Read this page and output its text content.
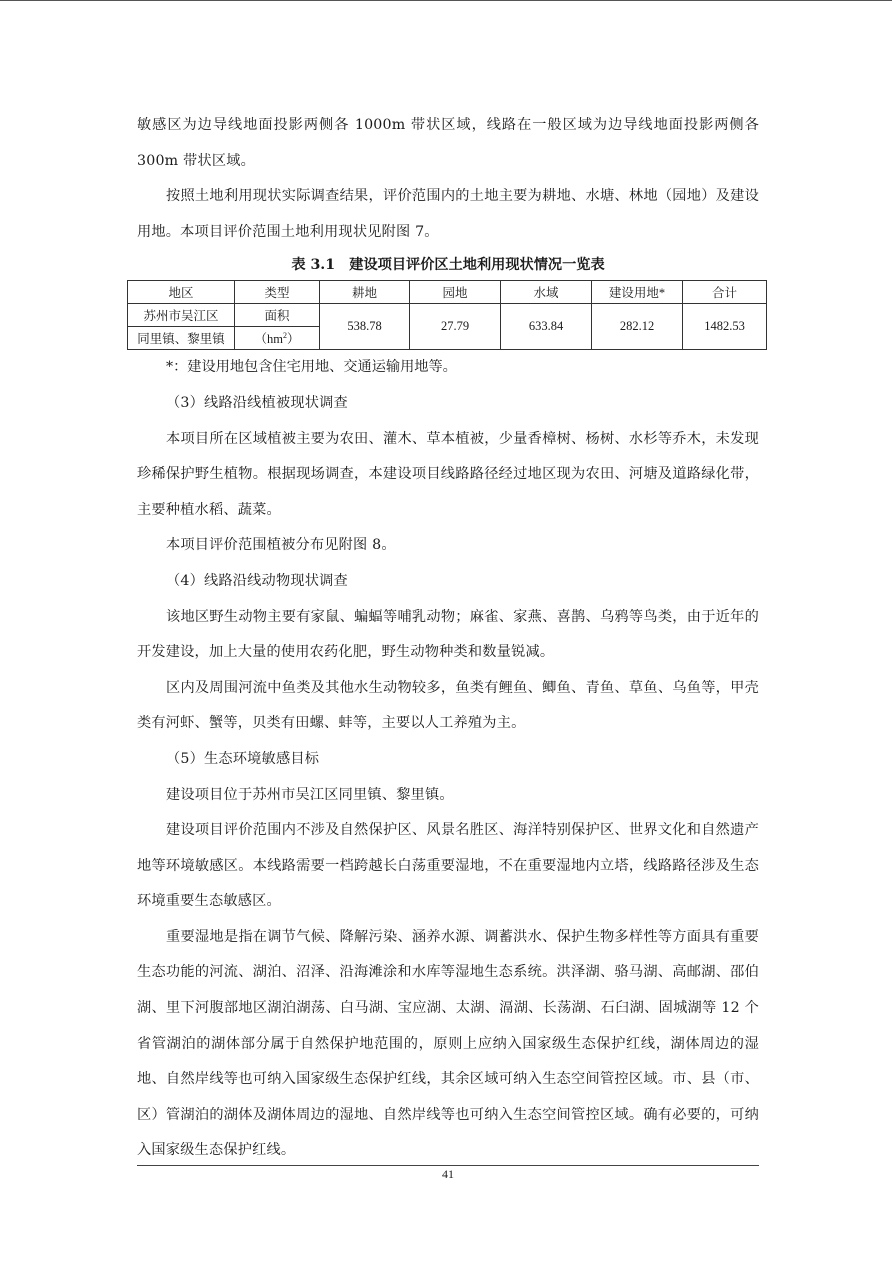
敏感区为边导线地面投影两侧各 1000m 带状区域，线路在一般区域为边导线地面投影两侧各 300m 带状区域。

按照土地利用现状实际调查结果，评价范围内的土地主要为耕地、水塘、林地（园地）及建设用地。本项目评价范围土地利用现状见附图 7。

表 3.1　建设项目评价区土地利用现状情况一览表

地区	类型	耕地	园地	水域	建设用地*	合计
苏州市吴江区	面积	538.78	27.79	633.84	282.12	1482.53
同里镇、黎里镇	$(hm^2)$					

*：建设用地包含住宅用地、交通运输用地等。

（3）线路沿线植被现状调查

本项目所在区域植被主要为农田、灌木、草本植被，少量香樟树、杨树、水杉等乔木，未发现珍稀保护野生植物。根据现场调查，本建设项目线路路径经过地区现为农田、河塘及道路绿化带，主要种植水稻、蔬菜。

本项目评价范围植被分布见附图 8。

（4）线路沿线动物现状调查

该地区野生动物主要有家鼠、蝙蝠等哺乳动物；麻雀、家燕、喜鹊、乌鸦等鸟类，由于近年的开发建设，加上大量的使用农药化肥，野生动物种类和数量锐减。

区内及周围河流中鱼类及其他水生动物较多，鱼类有鲤鱼、鲫鱼、青鱼、草鱼、乌鱼等，甲壳类有河虾、蟹等，贝类有田螺、蚌等，主要以人工养殖为主。

（5）生态环境敏感目标

建设项目位于苏州市吴江区同里镇、黎里镇。

建设项目评价范围内不涉及自然保护区、风景名胜区、海洋特别保护区、世界文化和自然遗产地等环境敏感区。本线路需要一档跨越长白荡重要湿地，不在重要湿地内立塔，线路路径涉及生态环境重要生态敏感区。

重要湿地是指在调节气候、降解污染、涵养水源、调蓄洪水、保护生物多样性等方面具有重要生态功能的河流、湖泊、沼泽、沿海滩涂和水库等湿地生态系统。洪泽湖、骆马湖、高邮湖、邵伯湖、里下河腹部地区湖泊湖荡、白马湖、宝应湖、太湖、滆湖、长荡湖、石臼湖、固城湖等 12 个省管湖泊的湖体部分属于自然保护地范围的，原则上应纳入国家级生态保护红线，湖体周边的湿地、自然岸线等也可纳入国家级生态保护红线，其余区域可纳入生态空间管控区域。市、县（市、区）管湖泊的湖体及湖体周边的湿地、自然岸线等也可纳入生态空间管控区域。确有必要的，可纳入国家级生态保护红线。

41
